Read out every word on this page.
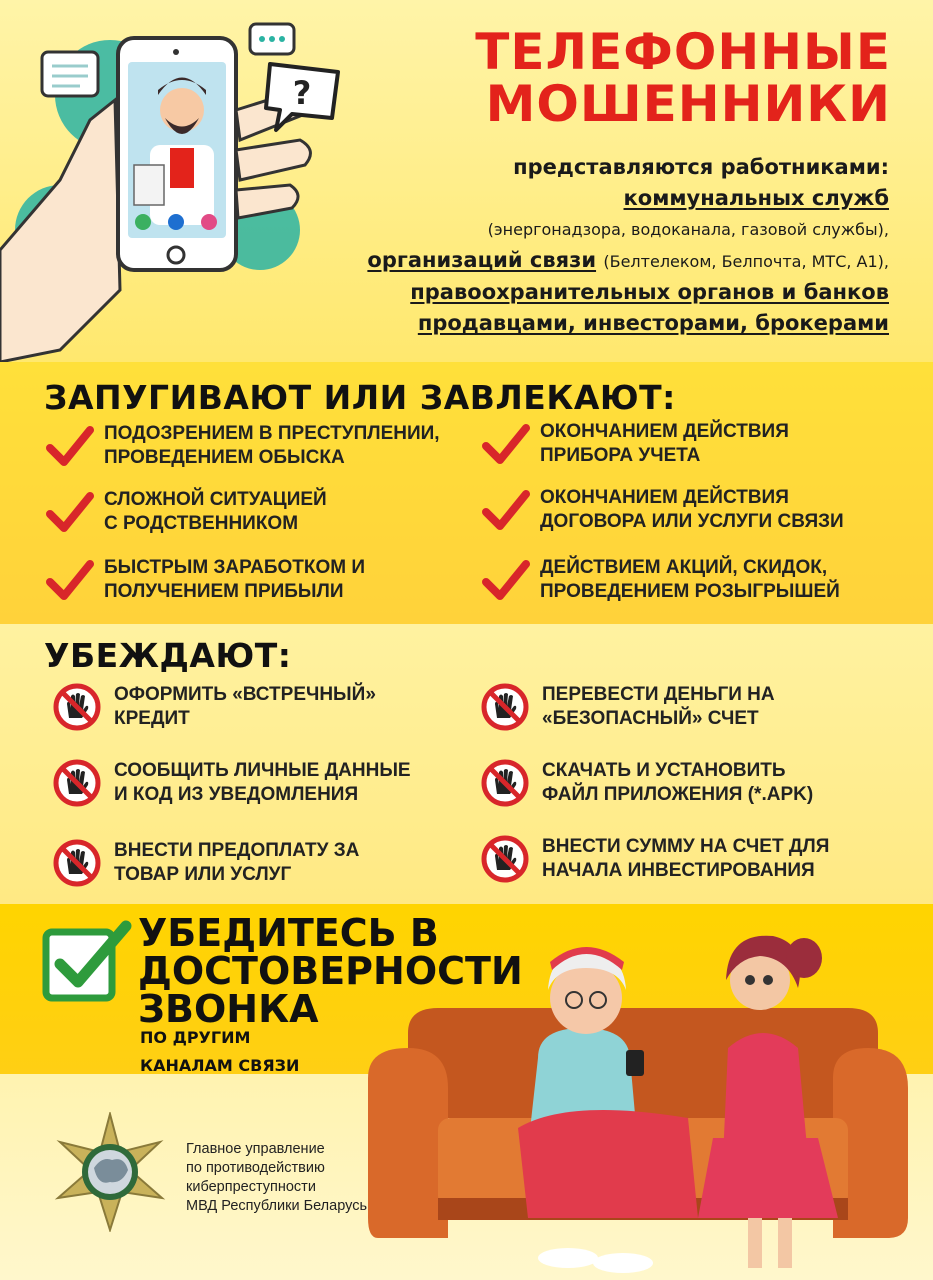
?
ТЕЛЕФОННЫЕ
МОШЕННИКИ
представляются работниками:
коммунальных служб
(энергонадзора, водоканала, газовой службы),
организаций связи (Белтелеком, Белпочта, МТС, А1),
правоохранительных органов и банков
продавцами, инвесторами, брокерами
ЗАПУГИВАЮТ ИЛИ ЗАВЛЕКАЮТ:
ПОДОЗРЕНИЕМ В ПРЕСТУПЛЕНИИ,
ПРОВЕДЕНИЕМ ОБЫСКА
СЛОЖНОЙ СИТУАЦИЕЙ
С РОДСТВЕННИКОМ
БЫСТРЫМ ЗАРАБОТКОМ И
ПОЛУЧЕНИЕМ ПРИБЫЛИ
ОКОНЧАНИЕМ ДЕЙСТВИЯ
ПРИБОРА УЧЕТА
ОКОНЧАНИЕМ ДЕЙСТВИЯ
ДОГОВОРА ИЛИ УСЛУГИ СВЯЗИ
ДЕЙСТВИЕМ АКЦИЙ, СКИДОК,
ПРОВЕДЕНИЕМ РОЗЫГРЫШЕЙ
УБЕЖДАЮТ:
ОФОРМИТЬ «ВСТРЕЧНЫЙ»
КРЕДИТ
СООБЩИТЬ ЛИЧНЫЕ ДАННЫЕ
И КОД ИЗ УВЕДОМЛЕНИЯ
ВНЕСТИ ПРЕДОПЛАТУ ЗА
ТОВАР ИЛИ УСЛУГ
ПЕРЕВЕСТИ ДЕНЬГИ НА
«БЕЗОПАСНЫЙ» СЧЕТ
СКАЧАТЬ И УСТАНОВИТЬ
ФАЙЛ ПРИЛОЖЕНИЯ (*.APK)
ВНЕСТИ СУММУ НА СЧЕТ ДЛЯ
НАЧАЛА ИНВЕСТИРОВАНИЯ
УБЕДИТЕСЬ В
ДОСТОВЕРНОСТИ
ЗВОНКА
ПО ДРУГИМ
КАНАЛАМ СВЯЗИ
Главное управление
по противодействию
киберпреступности
МВД Республики Беларусь
